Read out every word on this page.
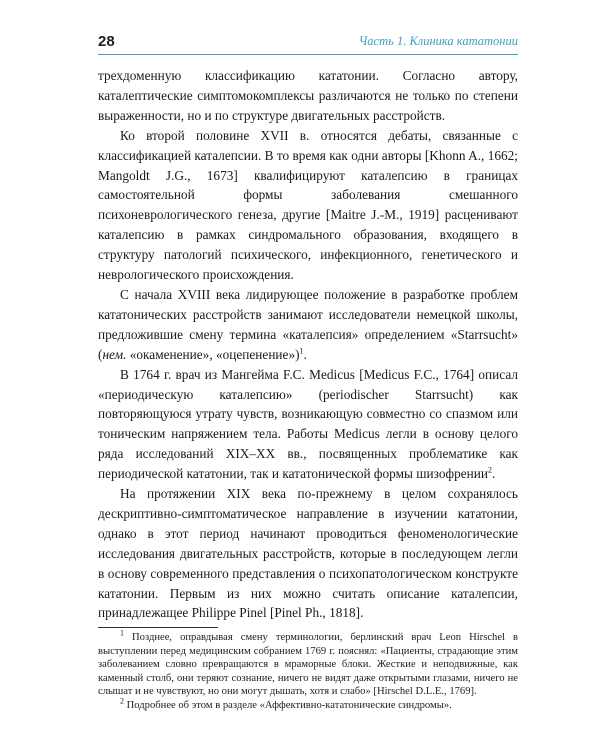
28	Часть 1. Клиника кататонии

трехдоменную классификацию кататонии. Согласно автору, каталептические симптомокомплексы различаются не только по степени выраженности, но и по структуре двигательных расстройств.

Ко второй половине XVII в. относятся дебаты, связанные с классификацией каталепсии. В то время как одни авторы [Khonn A., 1662; Mangoldt J.G., 1673] квалифицируют каталепсию в границах самостоятельной формы заболевания смешанного психоневрологического генеза, другие [Maitre J.-M., 1919] расценивают каталепсию в рамках синдромального образования, входящего в структуру патологий психического, инфекционного, генетического и неврологического происхождения.

С начала XVIII века лидирующее положение в разработке проблем кататонических расстройств занимают исследователи немецкой школы, предложившие смену термина «каталепсия» определением «Starrsucht» (нем. «окаменение», «оцепенение»)$^1$.

В 1764 г. врач из Мангейма F.C. Medicus [Medicus F.C., 1764] описал «периодическую каталепсию» (periodischer Starrsucht) как повторяющуюся утрату чувств, возникающую совместно со спазмом или тоническим напряжением тела. Работы Medicus легли в основу целого ряда исследований XIX–XX вв., посвященных проблематике как периодической кататонии, так и кататонической формы шизофрении$^2$.

На протяжении XIX века по-прежнему в целом сохранялось дескриптивно-симптоматическое направление в изучении кататонии, однако в этот период начинают проводиться феноменологические исследования двигательных расстройств, которые в последующем легли в основу современного представления о психопатологическом конструкте кататонии. Первым из них можно считать описание каталепсии, принадлежащее Philippe Pinel [Pinel Ph., 1818].

$^1$ Позднее, оправдывая смену терминологии, берлинский врач Leon Hirschel в выступлении перед медицинским собранием 1769 г. пояснял: «Пациенты, страдающие этим заболеванием словно превращаются в мраморные блоки. Жесткие и неподвижные, как каменный столб, они теряют сознание, ничего не видят даже открытыми глазами, ничего не слышат и не чувствуют, но они могут дышать, хотя и слабо» [Hirschel D.L.E., 1769].

$^2$ Подробнее об этом в разделе «Аффективно-кататонические синдромы».
